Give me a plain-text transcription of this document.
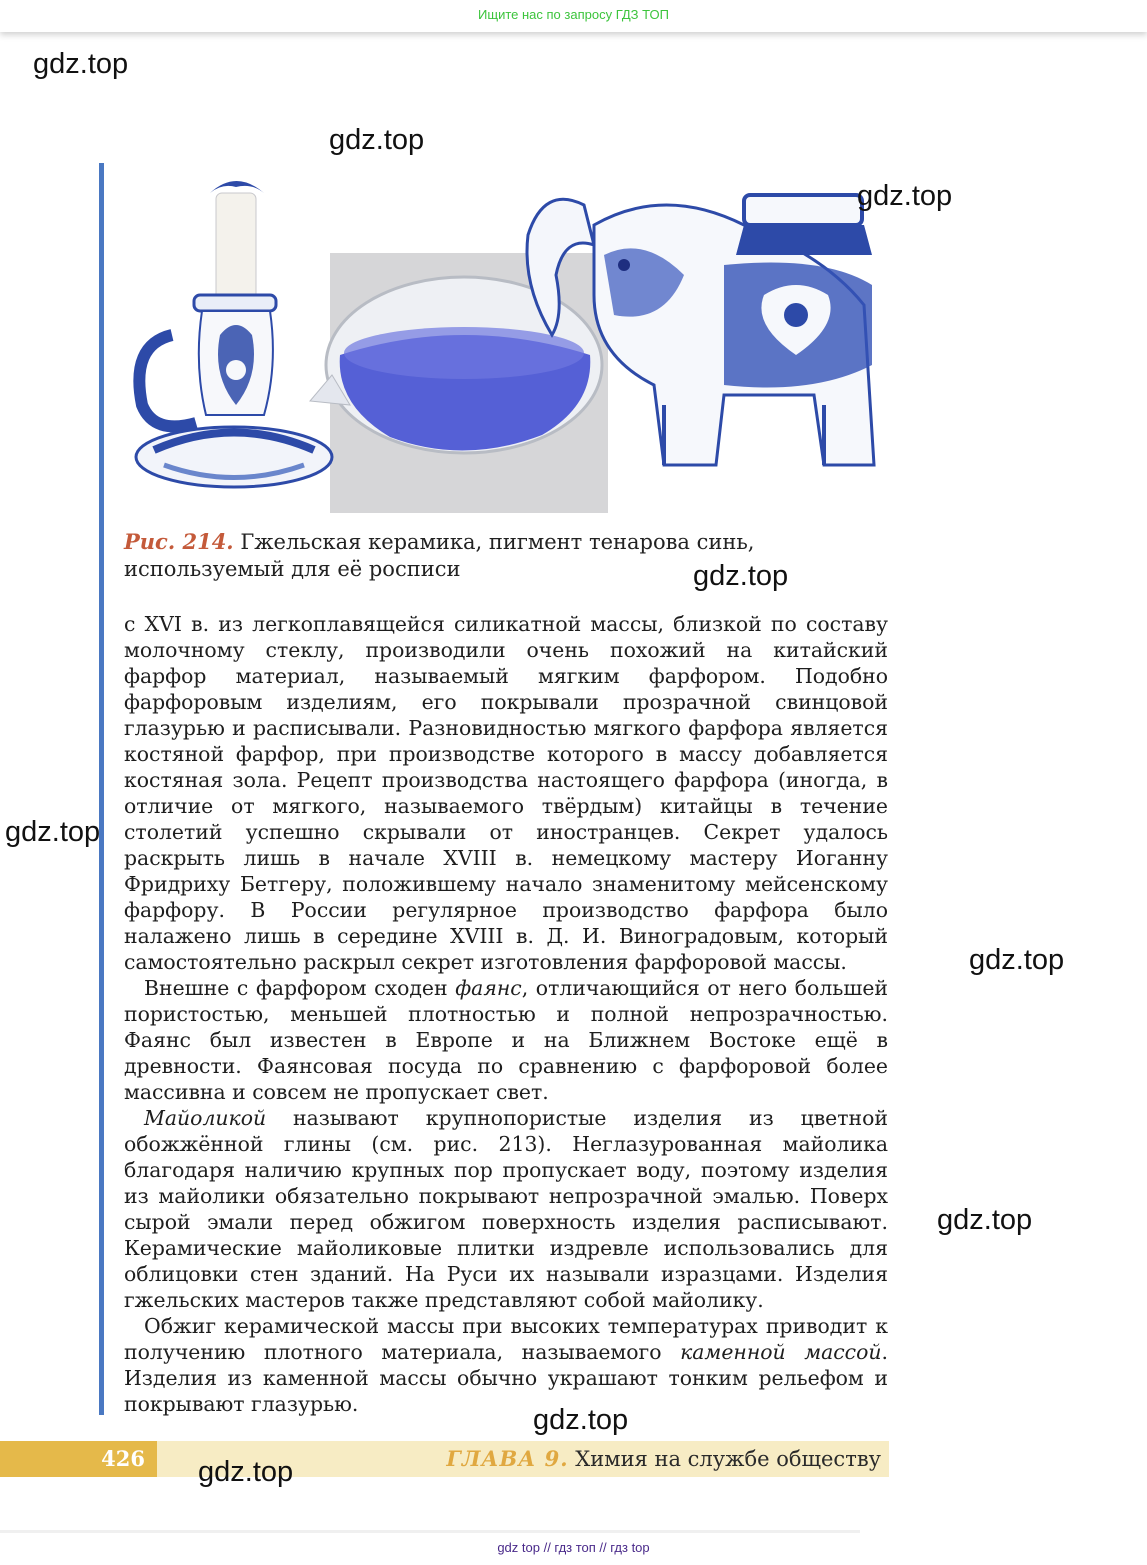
Ищите нас по запросу ГДЗ ТОП
gdz.top
gdz.top
gdz.top
gdz.top
gdz.top
gdz.top
gdz.top
gdz.top
gdz.top
Рис. 214. Гжельская керамика, пигмент тенарова синь, используемый для её росписи

с XVI в. из легкоплавящейся силикатной массы, близкой по составу молочному стеклу, производили очень похожий на китайский фарфор материал, называемый мягким фарфором. Подобно фарфоровым изделиям, его покрывали прозрачной свинцовой глазурью и расписывали. Разновидностью мягкого фарфора является костяной фарфор, при производстве которого в массу добавляется костяная зола. Рецепт производства настоящего фарфора (иногда, в отличие от мягкого, называемого твёрдым) китайцы в течение столетий успешно скрывали от иностранцев. Секрет удалось раскрыть лишь в начале XVIII в. немецкому мастеру Иоганну Фридриху Бетгеру, положившему начало знаменитому мейсенскому фарфору. В России регулярное производство фарфора было налажено лишь в середине XVIII в. Д. И. Виноградовым, который самостоятельно раскрыл секрет изготовления фарфоровой массы.

Внешне с фарфором сходен фаянс, отличающийся от него большей пористостью, меньшей плотностью и полной непрозрачностью. Фаянс был известен в Европе и на Ближнем Востоке ещё в древности. Фаянсовая посуда по сравнению с фарфоровой более массивна и совсем не пропускает свет.

Майоликой называют крупнопористые изделия из цветной обожжённой глины (см. рис. 213). Неглазурованная майолика благодаря наличию крупных пор пропускает воду, поэтому изделия из майолики обязательно покрывают непрозрачной эмалью. Поверх сырой эмали перед обжигом поверхность изделия расписывают. Керамические майоликовые плитки издревле использовались для облицовки стен зданий. На Руси их называли изразцами. Изделия гжельских мастеров также представляют собой майолику.

Обжиг керамической массы при высоких температурах приводит к получению плотного материала, называемого каменной массой. Изделия из каменной массы обычно украшают тонким рельефом и покрывают глазурью.

426	ГЛАВА 9. Химия на службе обществу
gdz top // гдз топ // гдз top
